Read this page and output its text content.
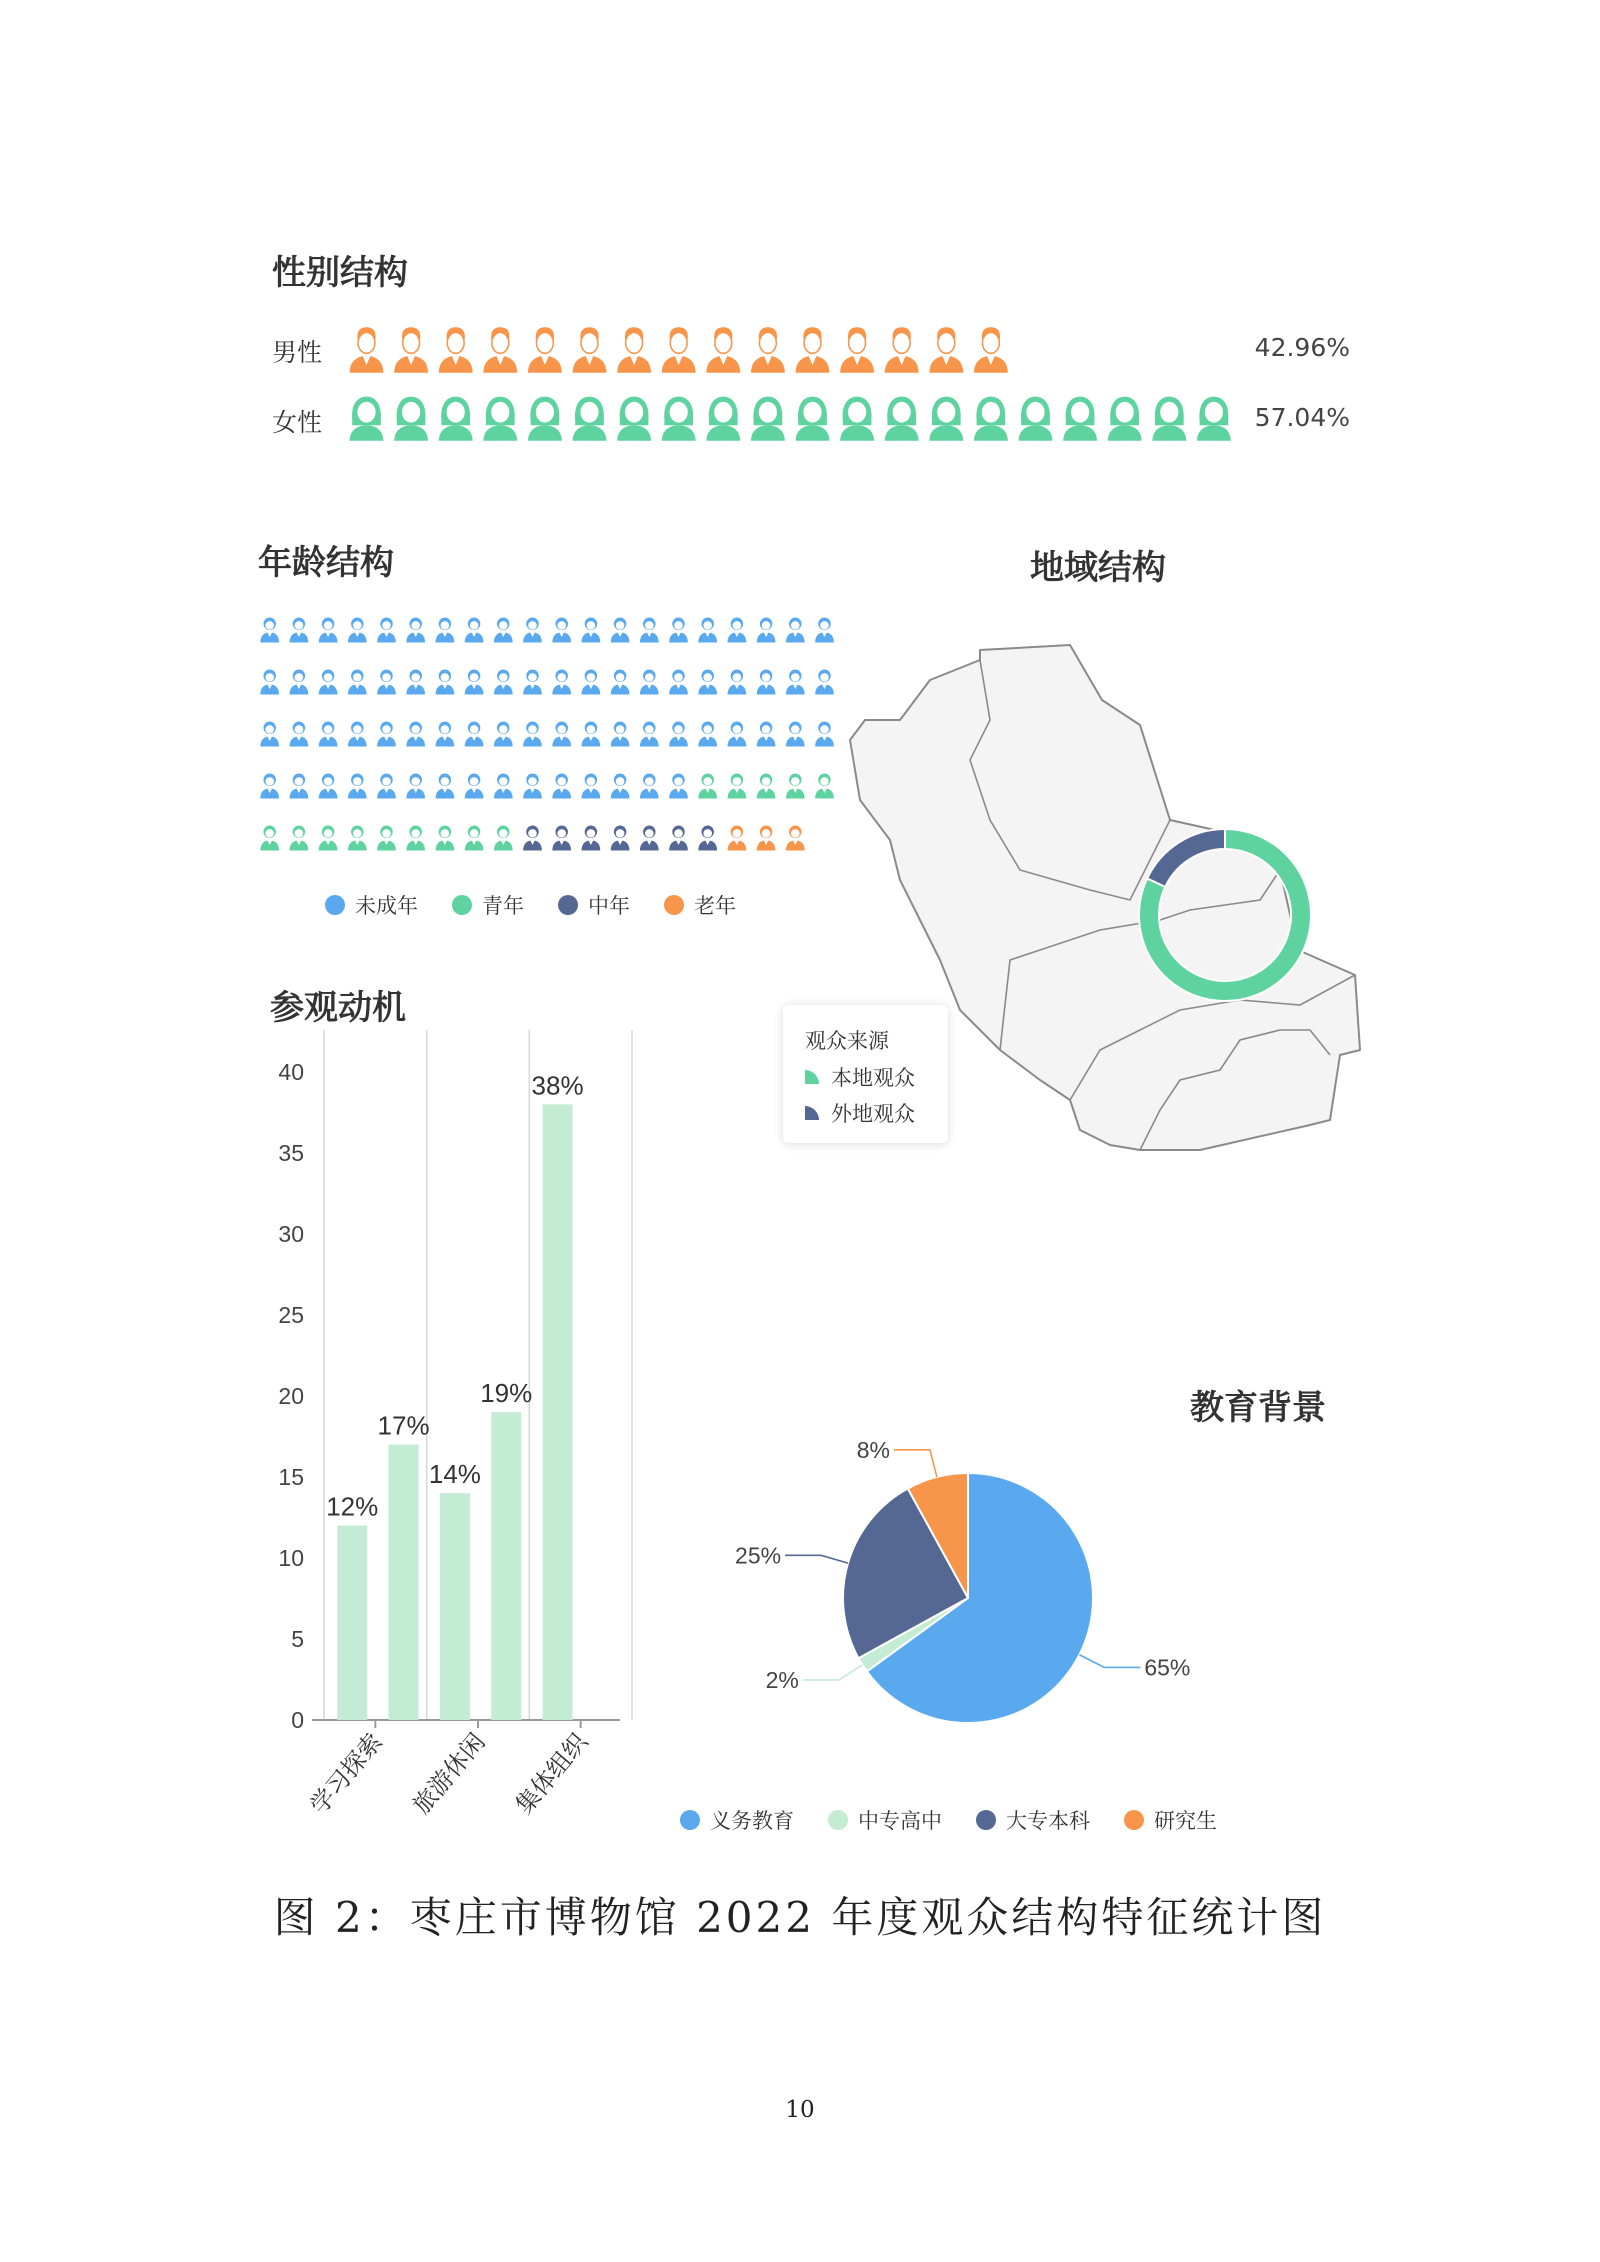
性别结构
男性	42.96%
女性	57.04%
年龄结构
未成年	青年	中年	老年
地域结构
观众来源
本地观众
外地观众
参观动机
0
5
10
15
20
25
30
35
40
12%
17%
14%
19%
38%
学习探索 旅游休闲 集体组织
教育背景
65%
2%
25%
8%
义务教育	中专高中	大专本科	研究生
图 2：枣庄市博物馆 2022 年度观众结构特征统计图
10
